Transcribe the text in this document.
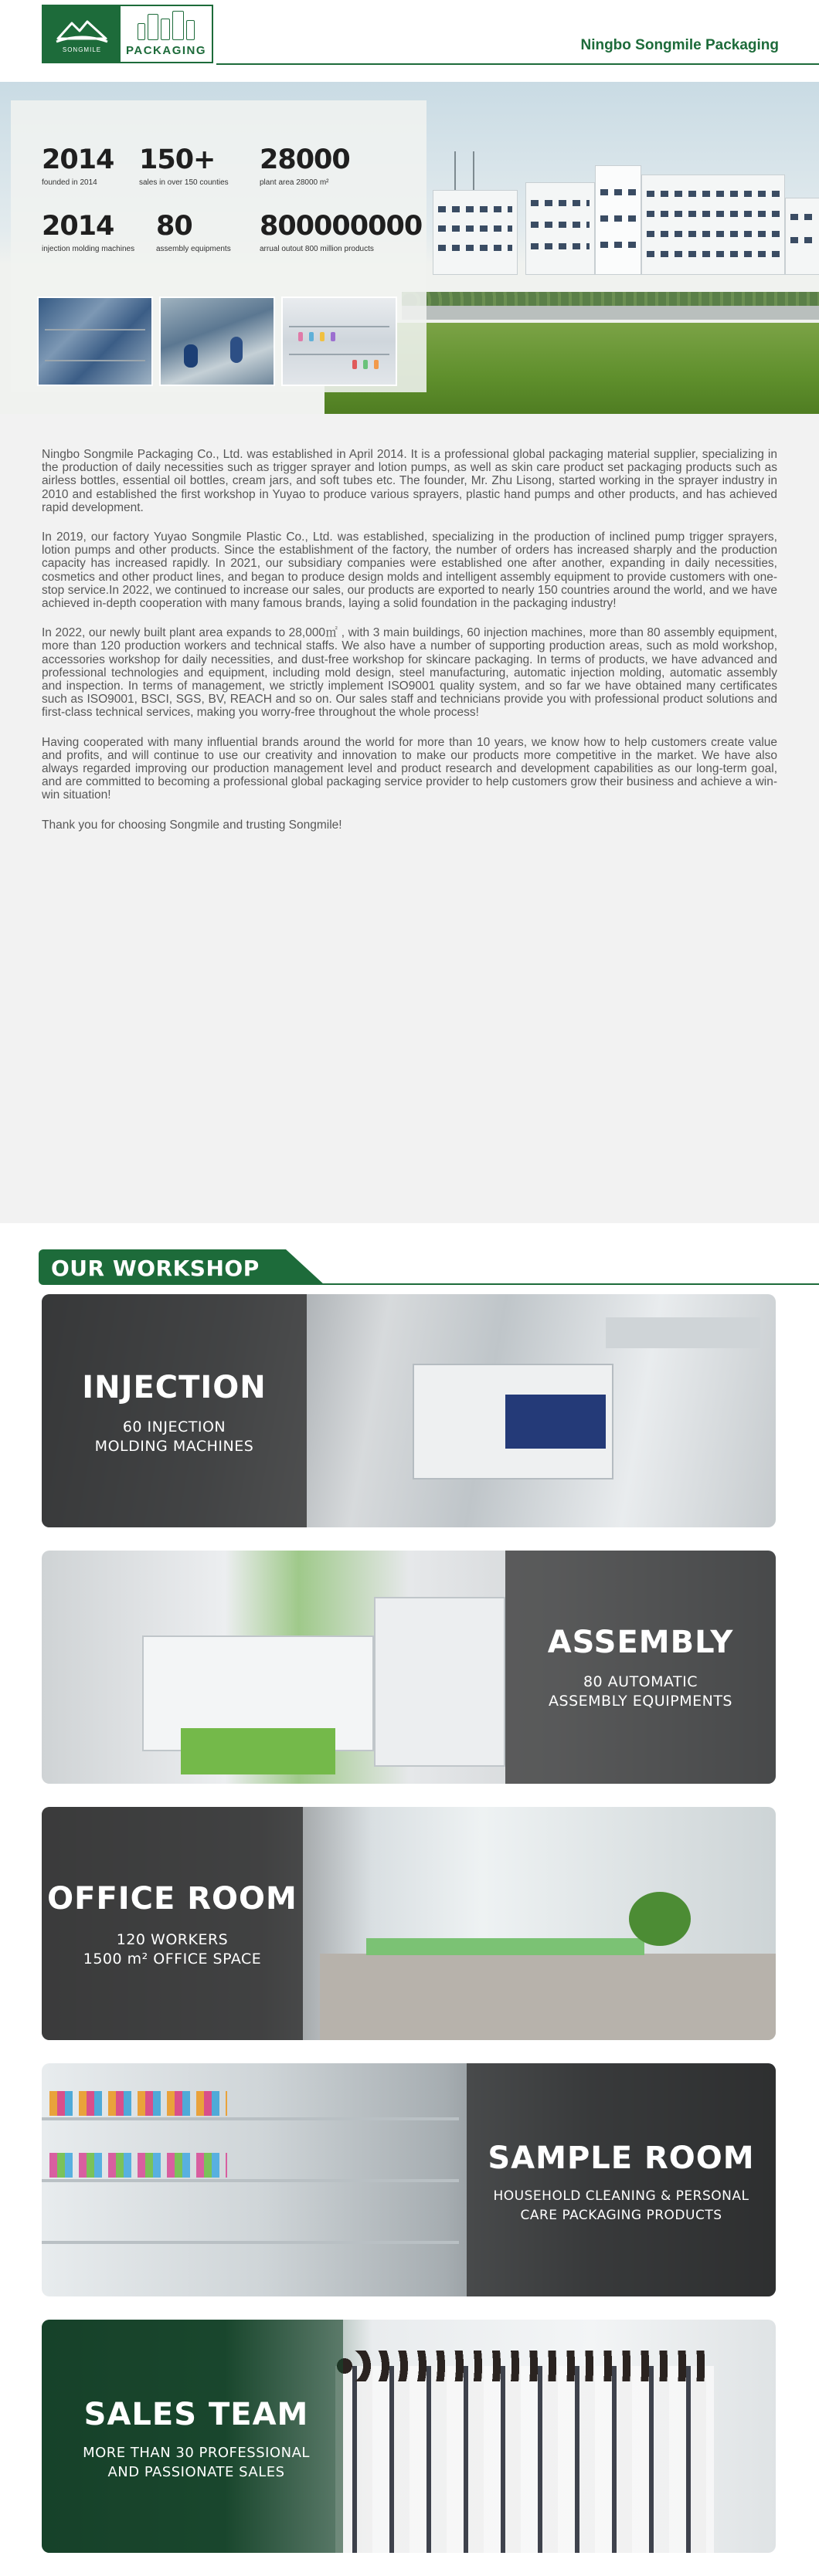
SONGMILE PACKAGING	Ningbo Songmile Packaging
2014
founded in 2014
150+
sales in over 150 counties
28000
plant area 28000 m²
2014
injection molding machines
80
assembly equipments
800000000
arrual outout 800 million products

Ningbo Songmile Packaging Co., Ltd. was established in April 2014. It is a professional global packaging material supplier, specializing in the production of daily necessities such as trigger sprayer and lotion pumps, as well as skin care product set packaging products such as airless bottles, essential oil bottles, cream jars, and soft tubes etc. The founder, Mr. Zhu Lisong, started working in the sprayer industry in 2010 and established the first workshop in Yuyao to produce various sprayers, plastic hand pumps and other products, and has achieved rapid development.

In 2019, our factory Yuyao Songmile Plastic Co., Ltd. was established, specializing in the production of inclined pump trigger sprayers, lotion pumps and other products. Since the establishment of the factory, the number of orders has increased sharply and the production capacity has increased rapidly. In 2021, our subsidiary companies were established one after another, expanding in daily necessities, cosmetics and other product lines, and began to produce design molds and intelligent assembly equipment to provide customers with one-stop service.In 2022, we continued to increase our sales, our products are exported to nearly 150 countries around the world, and we have achieved in-depth cooperation with many famous brands, laying a solid foundation in the packaging industry!

In 2022, our newly built plant area expands to 28,000㎡ , with 3 main buildings, 60 injection machines, more than 80 assembly equipment, more than 120 production workers and technical staffs. We also have a number of supporting production areas, such as mold workshop, accessories workshop for daily necessities, and dust-free workshop for skincare packaging. In terms of products, we have advanced and professional technologies and equipment, including mold design, steel manufacturing, automatic injection molding, automatic assembly and inspection. In terms of management, we strictly implement ISO9001 quality system, and so far we have obtained many certificates such as ISO9001, BSCI, SGS, BV, REACH and so on. Our sales staff and technicians provide you with professional product solutions and first-class technical services, making you worry-free throughout the whole process!

Having cooperated with many influential brands around the world for more than 10 years, we know how to help customers create value and profits, and will continue to use our creativity and innovation to make our products more competitive in the market. We have also always regarded improving our production management level and product research and development capabilities as our long-term goal, and are committed to becoming a professional global packaging service provider to help customers grow their business and achieve a win-win situation!

Thank you for choosing Songmile and trusting Songmile!

OUR WORKSHOP
INJECTION
60 INJECTION
MOLDING MACHINES
ASSEMBLY
80 AUTOMATIC
ASSEMBLY EQUIPMENTS
OFFICE ROOM
120 WORKERS
1500 m² OFFICE SPACE
SAMPLE ROOM
HOUSEHOLD CLEANING & PERSONAL
CARE PACKAGING PRODUCTS
SALES TEAM
MORE THAN 30 PROFESSIONAL
AND PASSIONATE SALES
